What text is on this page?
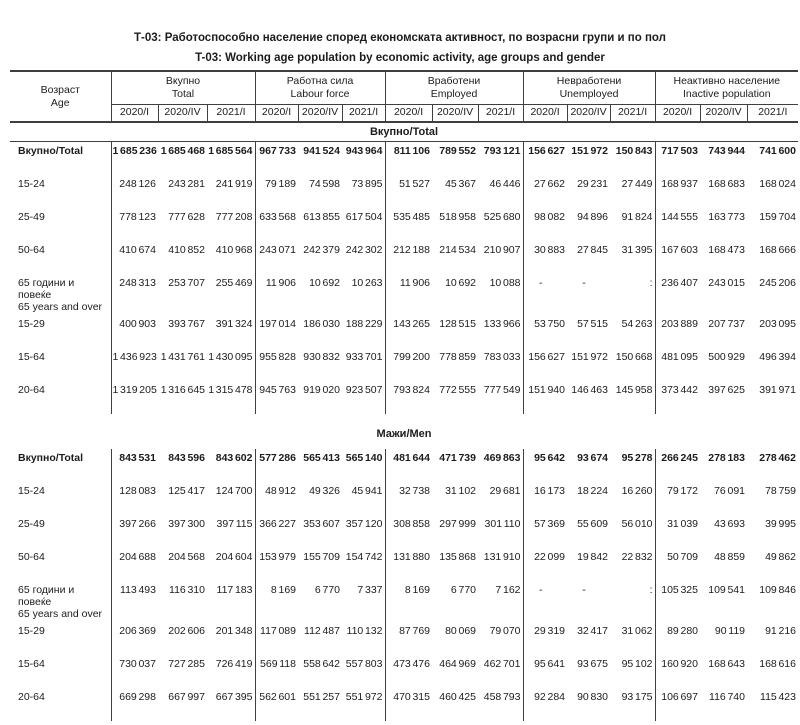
Т-03: Работоспособно население според економската активност, по возрасни групи и по пол
T-03: Working age population by economic activity, age groups and gender
Возраст
Age

Вкупно
Total

Работна сила
Labour force

Вработени
Employed

Невработени
Unemployed

Неактивно население
Inactive population

	2020/I	2020/IV	2021/I	2020/I	2020/IV	2021/I	2020/I	2020/IV	2021/I	2020/I	2020/IV	2021/I	2020/I	2020/IV	2021/I
Вкупно/Total
Вкупно/Total	1 685 236	1 685 468	1 685 564	967 733	941 524	943 964	811 106	789 552	793 121	156 627	151 972	150 843	717 503	743 944	741 600
15-24	248 126	243 281	241 919	79 189	74 598	73 895	51 527	45 367	46 446	27 662	29 231	27 449	168 937	168 683	168 024
25-49	778 123	777 628	777 208	633 568	613 855	617 504	535 485	518 958	525 680	98 082	94 896	91 824	144 555	163 773	159 704
50-64	410 674	410 852	410 968	243 071	242 379	242 302	212 188	214 534	210 907	30 883	27 845	31 395	167 603	168 473	168 666
65 години и повеќе
65 years and over	248 313	253 707	255 469	11 906	10 692	10 263	11 906	10 692	10 088	-	-	:	236 407	243 015	245 206
15-29	400 903	393 767	391 324	197 014	186 030	188 229	143 265	128 515	133 966	53 750	57 515	54 263	203 889	207 737	203 095
15-64	1 436 923	1 431 761	1 430 095	955 828	930 832	933 701	799 200	778 859	783 033	156 627	151 972	150 668	481 095	500 929	496 394
20-64	1 319 205	1 316 645	1 315 478	945 763	919 020	923 507	793 824	772 555	777 549	151 940	146 463	145 958	373 442	397 625	391 971
Мажи/Men
Вкупно/Total	843 531	843 596	843 602	577 286	565 413	565 140	481 644	471 739	469 863	95 642	93 674	95 278	266 245	278 183	278 462
15-24	128 083	125 417	124 700	48 912	49 326	45 941	32 738	31 102	29 681	16 173	18 224	16 260	79 172	76 091	78 759
25-49	397 266	397 300	397 115	366 227	353 607	357 120	308 858	297 999	301 110	57 369	55 609	56 010	31 039	43 693	39 995
50-64	204 688	204 568	204 604	153 979	155 709	154 742	131 880	135 868	131 910	22 099	19 842	22 832	50 709	48 859	49 862
65 години и повеќе
65 years and over	113 493	116 310	117 183	8 169	6 770	7 337	8 169	6 770	7 162	-	-	:	105 325	109 541	109 846
15-29	206 369	202 606	201 348	117 089	112 487	110 132	87 769	80 069	79 070	29 319	32 417	31 062	89 280	90 119	91 216
15-64	730 037	727 285	726 419	569 118	558 642	557 803	473 476	464 969	462 701	95 641	93 675	95 102	160 920	168 643	168 616
20-64	669 298	667 997	667 395	562 601	551 257	551 972	470 315	460 425	458 793	92 284	90 830	93 175	106 697	116 740	115 423
